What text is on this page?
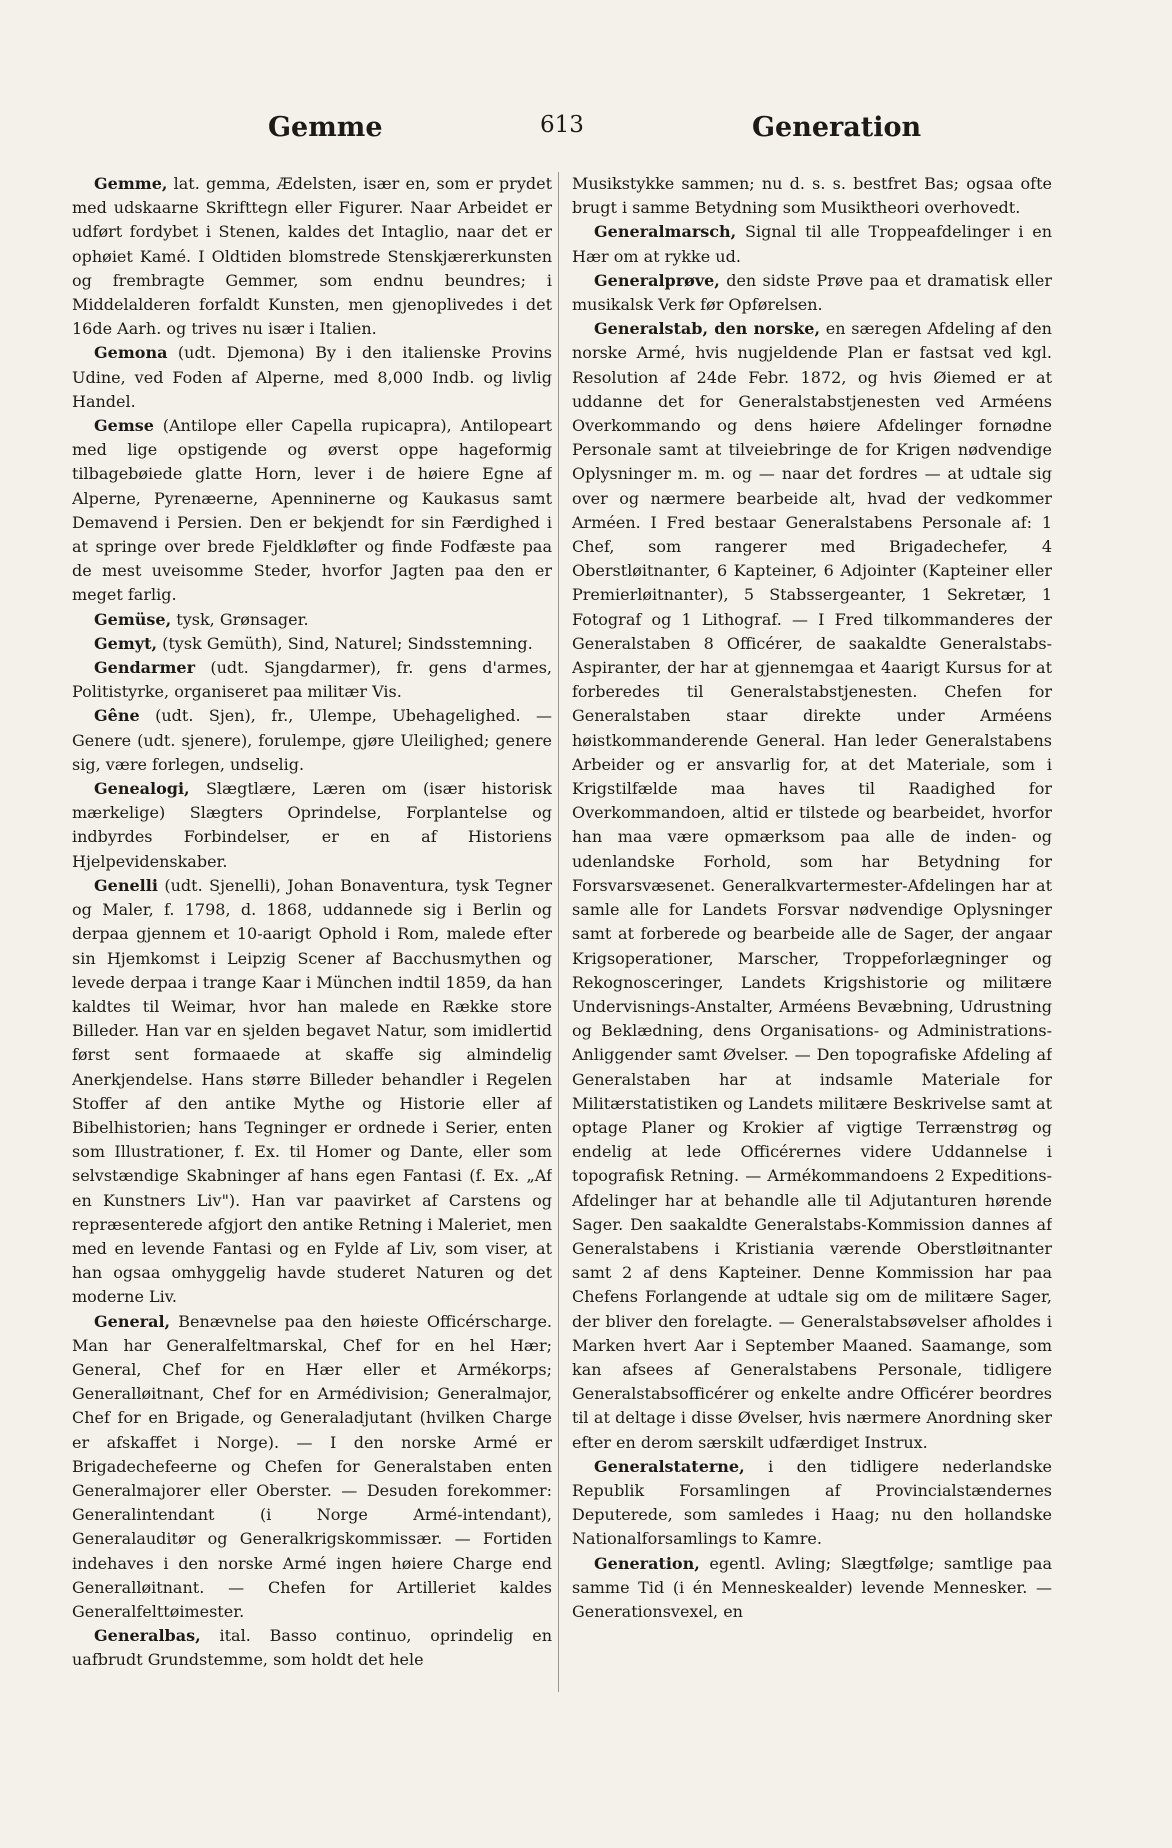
Gemme	613	Generation

Gemme, lat. gemma, Ædelsten, især en, som er prydet med udskaarne Skrifttegn eller Figurer. Naar Arbeidet er udført fordybet i Stenen, kaldes det Intaglio, naar det er ophøiet Kamé. I Oldtiden blomstrede Stenskjærerkunsten og frembragte Gemmer, som endnu beundres; i Middelalderen forfaldt Kunsten, men gjenoplivedes i det 16de Aarh. og trives nu især i Italien.

Gemona (udt. Djemona) By i den italienske Provins Udine, ved Foden af Alperne, med 8,000 Indb. og livlig Handel.

Gemse (Antilope eller Capella rupicapra), Antilopeart med lige opstigende og øverst oppe hageformig tilbagebøiede glatte Horn, lever i de høiere Egne af Alperne, Pyrenæerne, Apenninerne og Kaukasus samt Demavend i Persien. Den er bekjendt for sin Færdighed i at springe over brede Fjeldkløfter og finde Fodfæste paa de mest uveisomme Steder, hvorfor Jagten paa den er meget farlig.

Gemüse, tysk, Grønsager.

Gemyt, (tysk Gemüth), Sind, Naturel; Sindsstemning.

Gendarmer (udt. Sjangdarmer), fr. gens d'armes, Politistyrke, organiseret paa militær Vis.

Gêne (udt. Sjen), fr., Ulempe, Ubehagelighed. — Genere (udt. sjenere), forulempe, gjøre Uleilighed; genere sig, være forlegen, undselig.

Genealogi, Slægtlære, Læren om (især historisk mærkelige) Slægters Oprindelse, Forplantelse og indbyrdes Forbindelser, er en af Historiens Hjelpevidenskaber.

Genelli (udt. Sjenelli), Johan Bonaventura, tysk Tegner og Maler, f. 1798, d. 1868, uddannede sig i Berlin og derpaa gjennem et 10-aarigt Ophold i Rom, malede efter sin Hjemkomst i Leipzig Scener af Bacchusmythen og levede derpaa i trange Kaar i München indtil 1859, da han kaldtes til Weimar, hvor han malede en Række store Billeder. Han var en sjelden begavet Natur, som imidlertid først sent formaaede at skaffe sig almindelig Anerkjendelse. Hans større Billeder behandler i Regelen Stoffer af den antike Mythe og Historie eller af Bibelhistorien; hans Tegninger er ordnede i Serier, enten som Illustrationer, f. Ex. til Homer og Dante, eller som selvstændige Skabninger af hans egen Fantasi (f. Ex. „Af en Kunstners Liv"). Han var paavirket af Carstens og repræsenterede afgjort den antike Retning i Maleriet, men med en levende Fantasi og en Fylde af Liv, som viser, at han ogsaa omhyggelig havde studeret Naturen og det moderne Liv.

General, Benævnelse paa den høieste Officérscharge. Man har Generalfeltmarskal, Chef for en hel Hær; General, Chef for en Hær eller et Armékorps; Generalløitnant, Chef for en Armédivision; Generalmajor, Chef for en Brigade, og Generaladjutant (hvilken Charge er afskaffet i Norge). — I den norske Armé er Brigadechefeerne og Chefen for Generalstaben enten Generalmajorer eller Oberster. — Desuden forekommer: Generalintendant (i Norge Armé-intendant), Generalauditør og Generalkrigskommissær. — Fortiden indehaves i den norske Armé ingen høiere Charge end Generalløitnant. — Chefen for Artilleriet kaldes Generalfelttøimester.

Generalbas, ital. Basso continuo, oprindelig en uafbrudt Grundstemme, som holdt det hele

Musikstykke sammen; nu d. s. s. bestfret Bas; ogsaa ofte brugt i samme Betydning som Musiktheori overhovedt.

Generalmarsch, Signal til alle Troppeafdelinger i en Hær om at rykke ud.

Generalprøve, den sidste Prøve paa et dramatisk eller musikalsk Verk før Opførelsen.

Generalstab, den norske, en særegen Afdeling af den norske Armé, hvis nugjeldende Plan er fastsat ved kgl. Resolution af 24de Febr. 1872, og hvis Øiemed er at uddanne det for Generalstabstjenesten ved Arméens Overkommando og dens høiere Afdelinger fornødne Personale samt at tilveiebringe de for Krigen nødvendige Oplysninger m. m. og — naar det fordres — at udtale sig over og nærmere bearbeide alt, hvad der vedkommer Arméen. I Fred bestaar Generalstabens Personale af: 1 Chef, som rangerer med Brigadechefer, 4 Oberstløitnanter, 6 Kapteiner, 6 Adjointer (Kapteiner eller Premierløitnanter), 5 Stabssergeanter, 1 Sekretær, 1 Fotograf og 1 Lithograf. — I Fred tilkommanderes der Generalstaben 8 Officérer, de saakaldte Generalstabs-Aspiranter, der har at gjennemgaa et 4aarigt Kursus for at forberedes til Generalstabstjenesten. Chefen for Generalstaben staar direkte under Arméens høistkommanderende General. Han leder Generalstabens Arbeider og er ansvarlig for, at det Materiale, som i Krigstilfælde maa haves til Raadighed for Overkommandoen, altid er tilstede og bearbeidet, hvorfor han maa være opmærksom paa alle de inden- og udenlandske Forhold, som har Betydning for Forsvarsvæsenet. Generalkvartermester-Afdelingen har at samle alle for Landets Forsvar nødvendige Oplysninger samt at forberede og bearbeide alle de Sager, der angaar Krigsoperationer, Marscher, Troppeforlægninger og Rekognosceringer, Landets Krigshistorie og militære Undervisnings-Anstalter, Arméens Bevæbning, Udrustning og Beklædning, dens Organisations- og Administrations-Anliggender samt Øvelser. — Den topografiske Afdeling af Generalstaben har at indsamle Materiale for Militærstatistiken og Landets militære Beskrivelse samt at optage Planer og Krokier af vigtige Terrænstrøg og endelig at lede Officérernes videre Uddannelse i topografisk Retning. — Armékommandoens 2 Expeditions-Afdelinger har at behandle alle til Adjutanturen hørende Sager. Den saakaldte Generalstabs-Kommission dannes af Generalstabens i Kristiania værende Oberstløitnanter samt 2 af dens Kapteiner. Denne Kommission har paa Chefens Forlangende at udtale sig om de militære Sager, der bliver den forelagte. — Generalstabsøvelser afholdes i Marken hvert Aar i September Maaned. Saamange, som kan afsees af Generalstabens Personale, tidligere Generalstabsofficérer og enkelte andre Officérer beordres til at deltage i disse Øvelser, hvis nærmere Anordning sker efter en derom særskilt udfærdiget Instrux.

Generalstaterne, i den tidligere nederlandske Republik Forsamlingen af Provincialstændernes Deputerede, som samledes i Haag; nu den hollandske Nationalforsamlings to Kamre.

Generation, egentl. Avling; Slægtfølge; samtlige paa samme Tid (i én Menneskealder) levende Mennesker. — Generationsvexel, en
